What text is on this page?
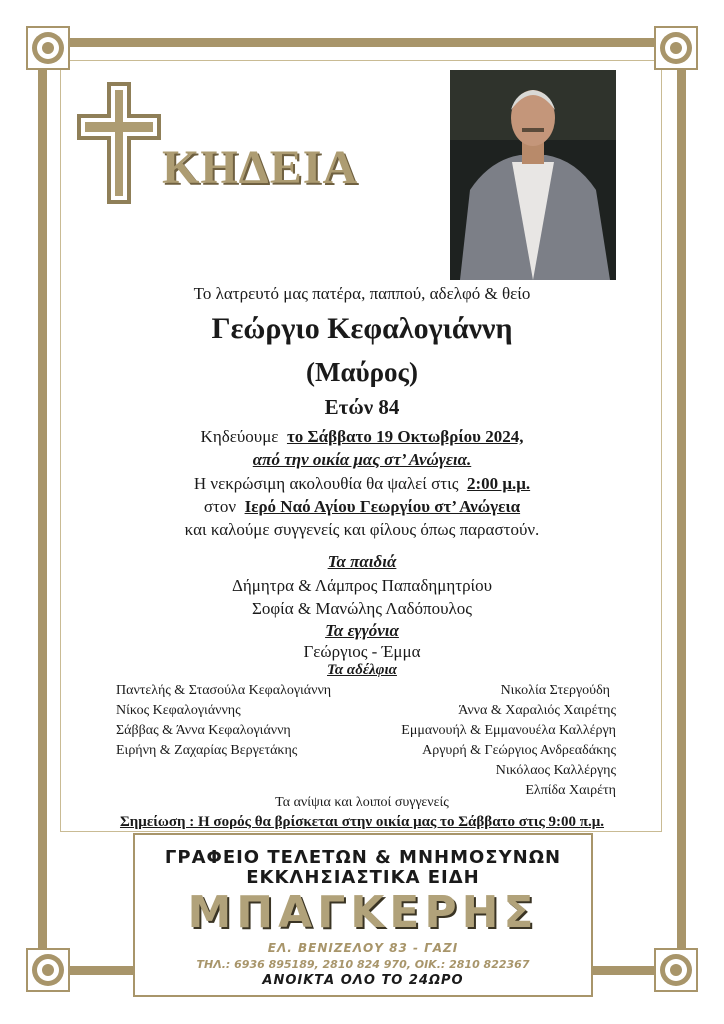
ΚΗΔΕΙΑ
Το λατρευτό μας πατέρα, παππού, αδελφό & θείο
Γεώργιο Κεφαλογιάννη
(Μαύρος)
Ετών 84
Κηδεύουμε το Σάββατο 19 Οκτωβρίου 2024,
από την οικία μας στ’ Ανώγεια.
Η νεκρώσιμη ακολουθία θα ψαλεί στις 2:00 μ.μ.
στον Ιερό Ναό Αγίου Γεωργίου στ’ Ανώγεια
και καλούμε συγγενείς και φίλους όπως παραστούν.
Τα παιδιά
Δήμητρα & Λάμπρος Παπαδημητρίου
Σοφία & Μανώλης Λαδόπουλος
Τα εγγόνια
Γεώργιος - Έμμα
Τα αδέλφια
Παντελής & Στασούλα Κεφαλογιάννη
Νίκος Κεφαλογιάννης
Σάββας & Άννα Κεφαλογιάννη
Ειρήνη & Ζαχαρίας Βεργετάκης
Νικολία Στεργούδη
Άννα & Χαραλιός Χαιρέτης
Εμμανουήλ & Εμμανουέλα Καλλέργη
Αργυρή & Γεώργιος Ανδρεαδάκης
Νικόλαος Καλλέργης
Ελπίδα Χαιρέτη
Τα ανίψια και λοιποί συγγενείς
Σημείωση : Η σορός θα βρίσκεται στην οικία μας το Σάββατο στις 9:00 π.μ.
ΓΡΑΦΕΙΟ ΤΕΛΕΤΩΝ & ΜΝΗΜΟΣΥΝΩΝ
ΕΚΚΛΗΣΙΑΣΤΙΚΑ ΕΙΔΗ
ΜΠΑΓΚΕΡΗΣ
ΕΛ. ΒΕΝΙΖΕΛΟΥ 83 - ΓΑΖΙ
ΤΗΛ.: 6936 895189, 2810 824 970, ΟΙΚ.: 2810 822367
ΑΝΟΙΚΤΑ ΟΛΟ ΤΟ 24ΩΡΟ
